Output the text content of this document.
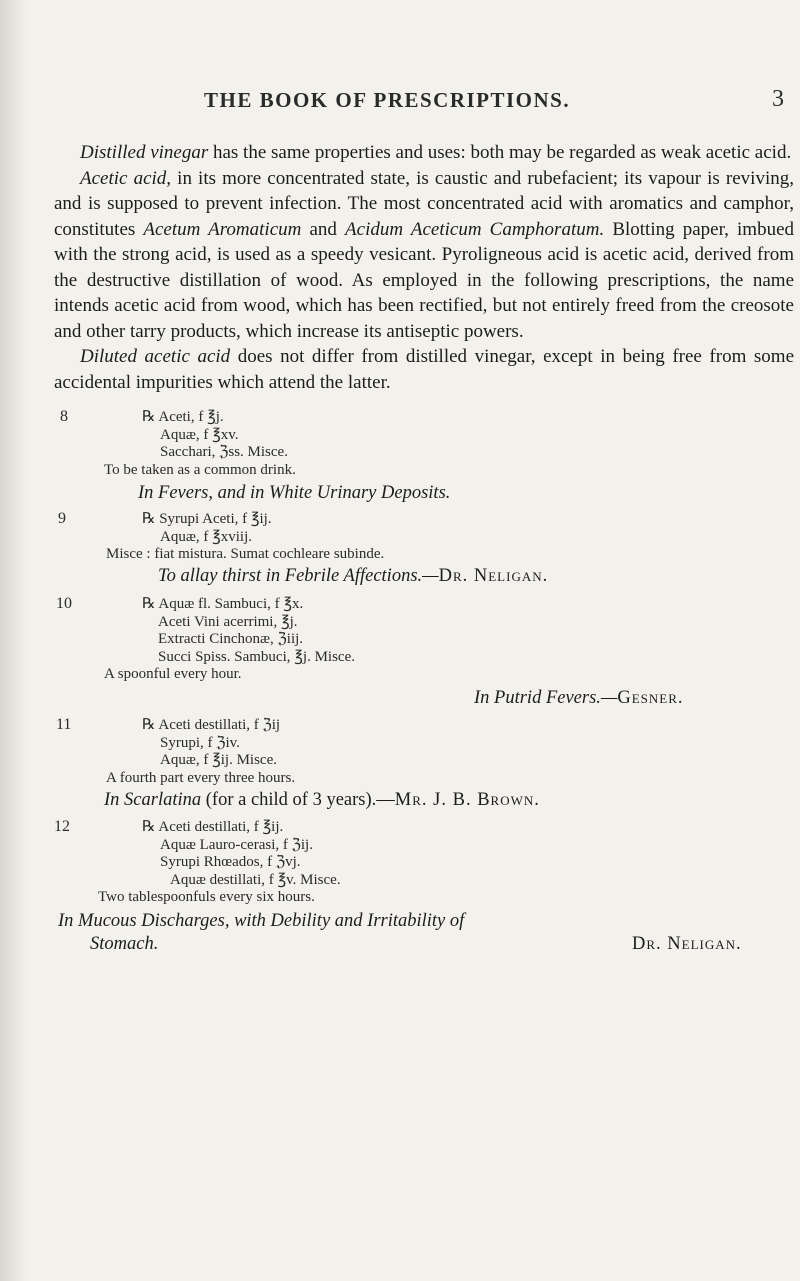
THE BOOK OF PRESCRIPTIONS.	3

Distilled vinegar has the same properties and uses: both may be regarded as weak acetic acid.

Acetic acid, in its more concentrated state, is caustic and rubefacient; its vapour is reviving, and is supposed to prevent infection. The most concentrated acid with aromatics and camphor, constitutes Acetum Aromaticum and Acidum Aceticum Camphoratum. Blotting paper, imbued with the strong acid, is used as a speedy vesicant. Pyroligneous acid is acetic acid, derived from the destructive distillation of wood. As employed in the following prescriptions, the name intends acetic acid from wood, which has been rectified, but not entirely freed from the creosote and other tarry products, which increase its antiseptic powers.

Diluted acetic acid does not differ from distilled vinegar, except in being free from some accidental impurities which attend the latter.

8	℞ Aceti, f ℥j.
Aquæ, f ℥xv.
Sacchari, ℨss. Misce.
To be taken as a common drink.
In Fevers, and in White Urinary Deposits.
9	℞ Syrupi Aceti, f ℥ij.
Aquæ, f ℥xviij.
Misce : fiat mistura. Sumat cochleare subinde.
To allay thirst in Febrile Affections.—Dr. Neligan.
10	℞ Aquæ fl. Sambuci, f ℥x.
Aceti Vini acerrimi, ℥j.
Extracti Cinchonæ, ℨiij.
Succi Spiss. Sambuci, ℥j. Misce.
A spoonful every hour.
In Putrid Fevers.—Gesner.
11	℞ Aceti destillati, f ℨij
Syrupi, f ℨiv.
Aquæ, f ℥ij. Misce.
A fourth part every three hours.
In Scarlatina (for a child of 3 years).—Mr. J. B. Brown.
12	℞ Aceti destillati, f ℥ij.
Aquæ Lauro-cerasi, f ℨij.
Syrupi Rhœados, f ℨvj.
Aquæ destillati, f ℥v. Misce.
Two tablespoonfuls every six hours.
In Mucous Discharges, with Debility and Irritability of
Stomach.	Dr. Neligan.
